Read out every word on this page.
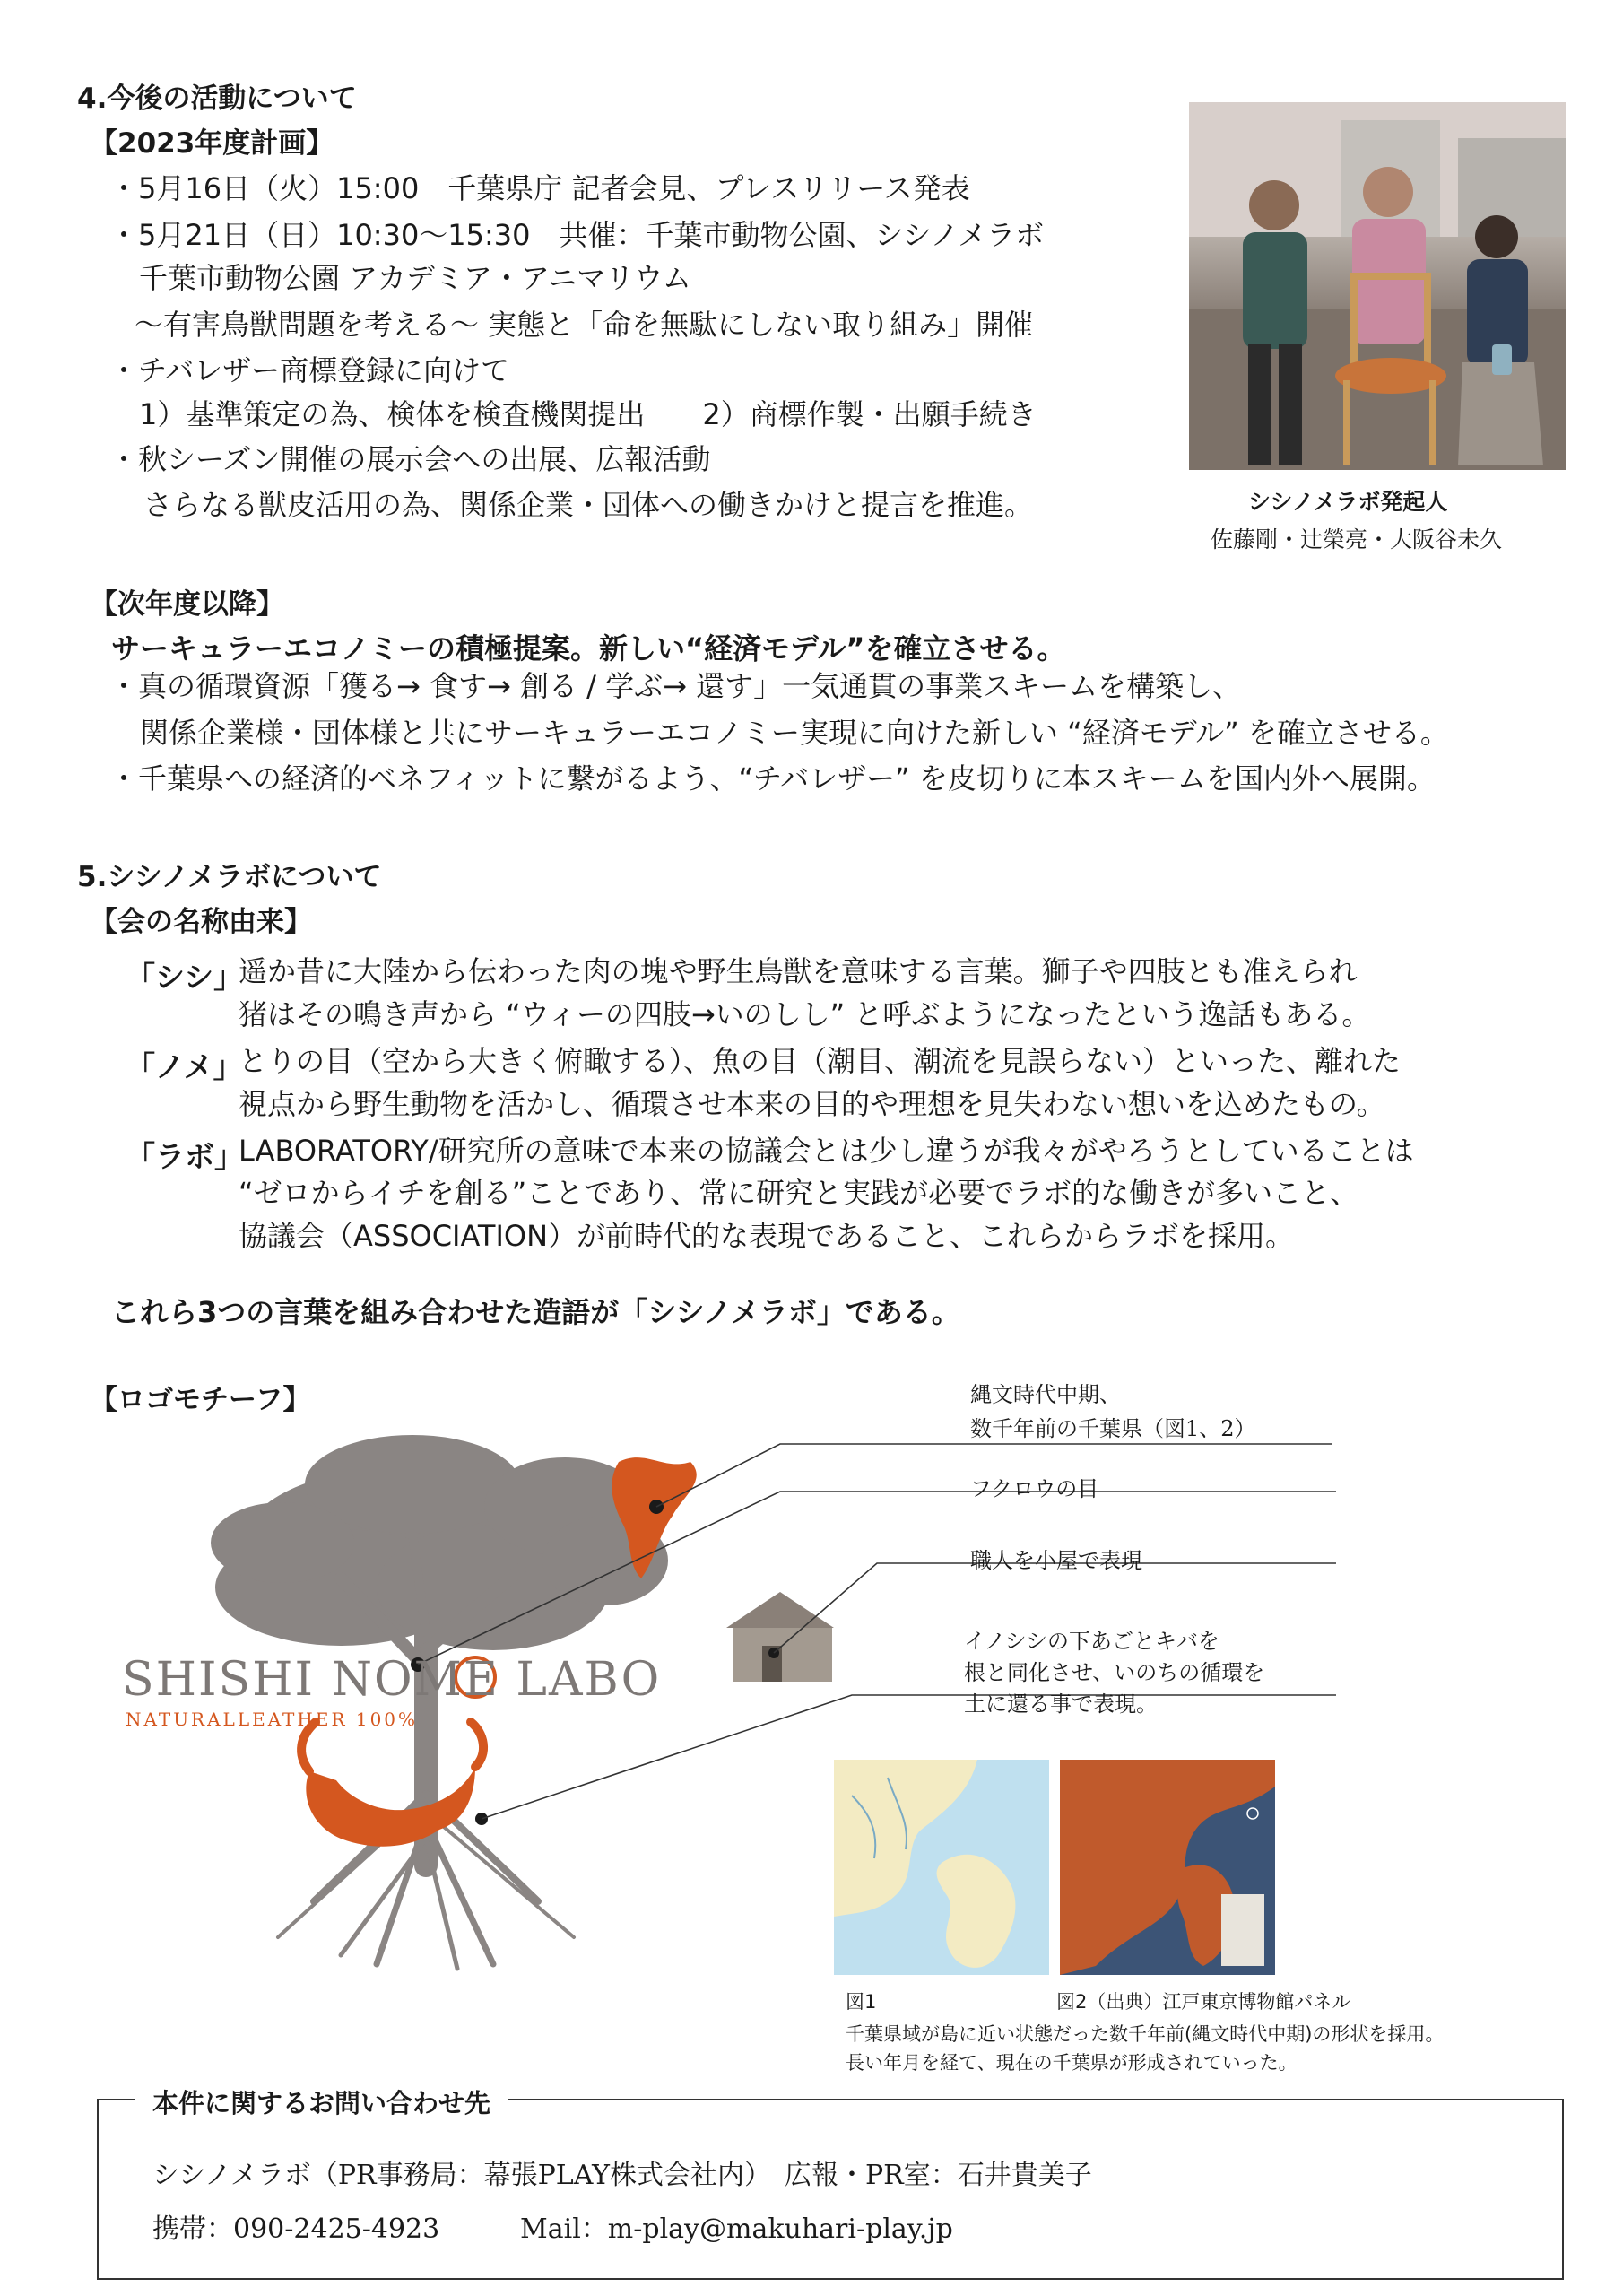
4.今後の活動について
【2023年度計画】
・5月16日（火）15:00　千葉県庁 記者会見、プレスリリース発表
・5月21日（日）10:30〜15:30　共催：千葉市動物公園、シシノメラボ
千葉市動物公園 アカデミア・アニマリウム
〜有害鳥獣問題を考える〜 実態と「命を無駄にしない取り組み」開催
・チバレザー商標登録に向けて
1）基準策定の為、検体を検査機関提出　　2）商標作製・出願手続き
・秋シーズン開催の展示会への出展、広報活動
さらなる獣皮活用の為、関係企業・団体への働きかけと提言を推進。	シシノメラボ発起人
佐藤剛・辻榮亮・大阪谷未久
【次年度以降】
サーキュラーエコノミーの積極提案。新しい“経済モデル”を確立させる。
・真の循環資源「獲る→ 食す→ 創る / 学ぶ→ 還す」一気通貫の事業スキームを構築し、
関係企業様・団体様と共にサーキュラーエコノミー実現に向けた新しい “経済モデル” を確立させる。
・千葉県への経済的ベネフィットに繋がるよう、“チバレザー” を皮切りに本スキームを国内外へ展開。
5.シシノメラボについて
【会の名称由来】
「シシ」
遥か昔に大陸から伝わった肉の塊や野生鳥獣を意味する言葉。獅子や四肢とも准えられ
猪はその鳴き声から “ウィーの四肢→いのしし” と呼ぶようになったという逸話もある。
「ノメ」
とりの目（空から大きく俯瞰する）、魚の目（潮目、潮流を見誤らない）といった、離れた
視点から野生動物を活かし、循環させ本来の目的や理想を見失わない想いを込めたもの。
「ラボ」
LABORATORY/研究所の意味で本来の協議会とは少し違うが我々がやろうとしていることは
“ゼロからイチを創る”ことであり、常に研究と実践が必要でラボ的な働きが多いこと、
協議会（ASSOCIATION）が前時代的な表現であること、これらからラボを採用。
これら3つの言葉を組み合わせた造語が「シシノメラボ」である。
【ロゴモチーフ】
SHISHI NOME LABO
NATURALLEATHER 100%
縄文時代中期、
数千年前の千葉県（図1、2）
フクロウの目
職人を小屋で表現
イノシシの下あごとキバを
根と同化させ、いのちの循環を
土に還る事で表現。
図1	図2（出典）江戸東京博物館パネル
千葉県域が島に近い状態だった数千年前(縄文時代中期)の形状を採用。
長い年月を経て、現在の千葉県が形成されていった。
本件に関するお問い合わせ先
シシノメラボ（PR事務局：幕張PLAY株式会社内）　広報・PR室：石井貴美子
携帯：090-2425-4923	Mail：m-play@makuhari-play.jp
